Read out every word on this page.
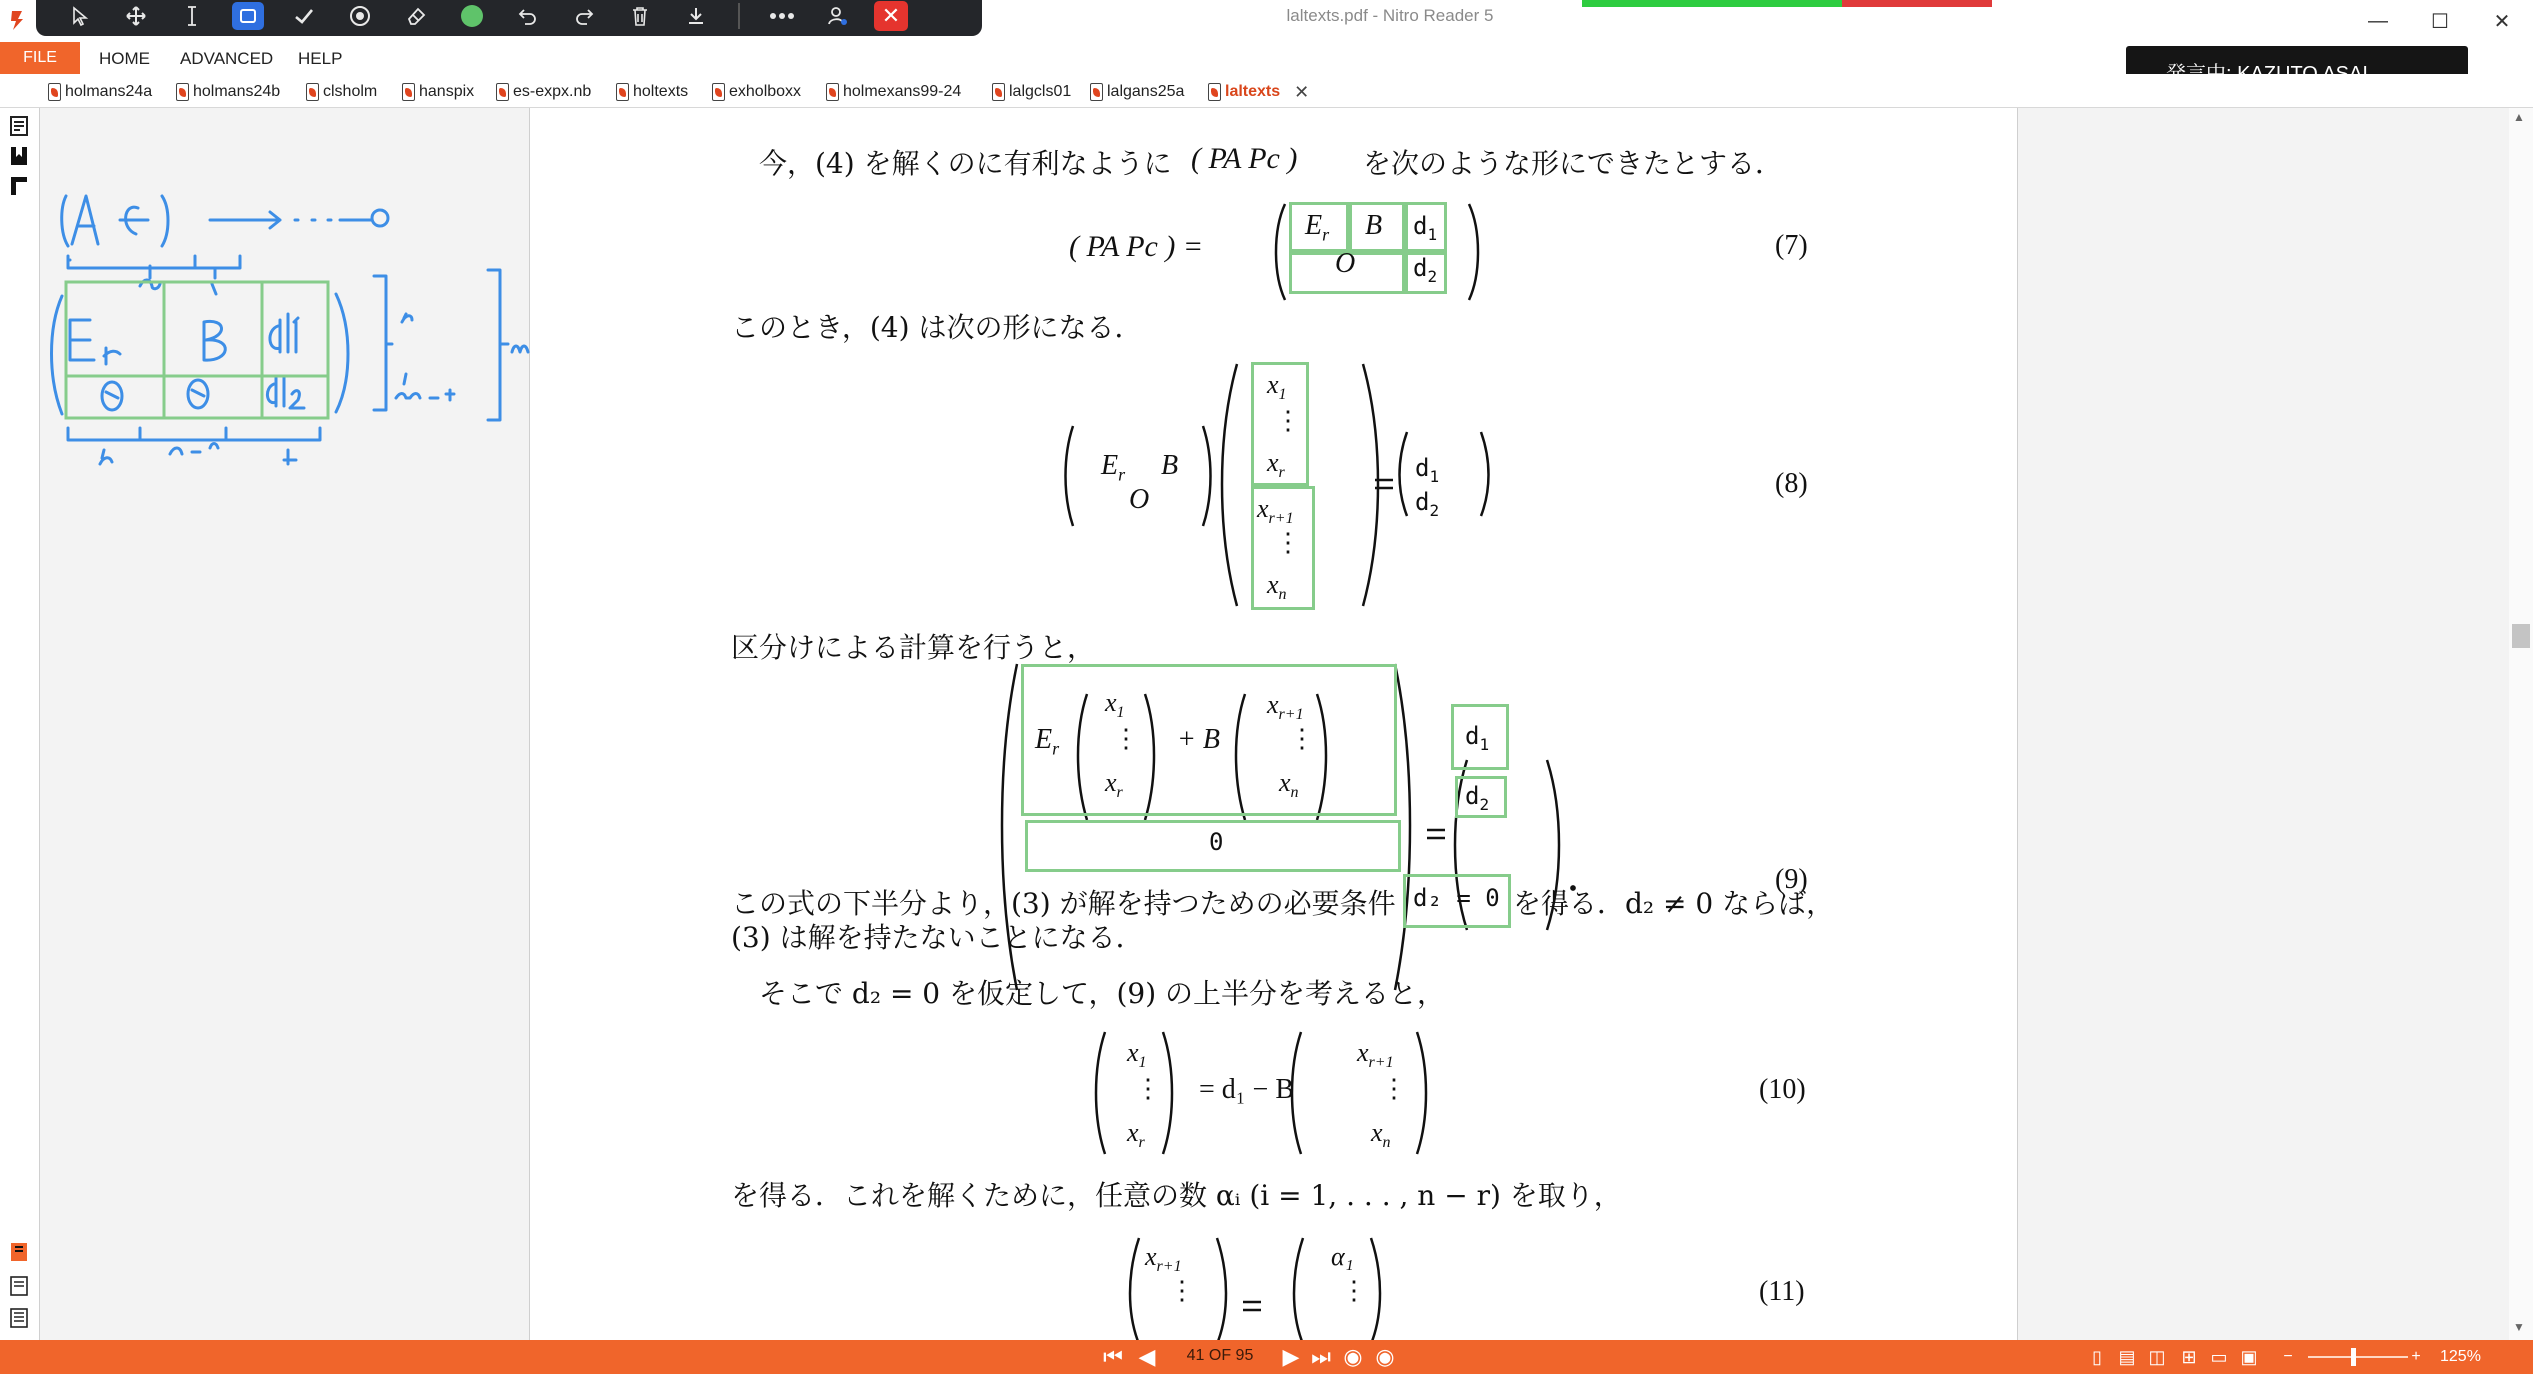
laltexts.pdf - Nitro Reader 5	—	☐	✕
✕
FILE	HOME ADVANCED HELP
holmans24a	holmans24b	clsholm	hanspix es-expx.nb	holtexts	exholboxx	holmexans99-24	lalgcls01 lalgans25a	laltexts ✕
今，(4) を解くのに有利なように ( PA Pc ) を次のような形にできたとする．
( PA Pc ) =
$E_r$ B $d_1$
O $d_2$
(7)
このとき，(4) は次の形になる．
$E_r$ B
O
$x_1$
⋮
$x_r$
$x_{r+1}$
⋮
$x_n$
$d_1$
$d_2$
(8)
区分けによる計算を行うと，
$E_r$
$x_1$
⋮
$x_r$
+ B
$x_{r+1}$
⋮
$x_n$
0
$d_1$
$d_2$
(9)
この式の下半分より，(3) が解を持つための必要条件 d₂ = 0 を得る．d₂ ≠ 0 ならば，
(3) は解を持たないことになる．
そこで d₂ = 0 を仮定して，(9) の上半分を考えると，
$x_1$
⋮
$x_r$
= d₁ − B
$x_{r+1}$
⋮
$x_n$
(10)
を得る．これを解くために，任意の数 αᵢ (i = 1, . . . , n − r) を取り，
$x_{r+1}$
⋮
α₁
⋮	(11)
▲
▼
⏮ ◀	41 OF 95	▶ ⏭ ◉ ◉	▯ ▤ ◫ ⊞ ▭ ▣	−	+	125%
